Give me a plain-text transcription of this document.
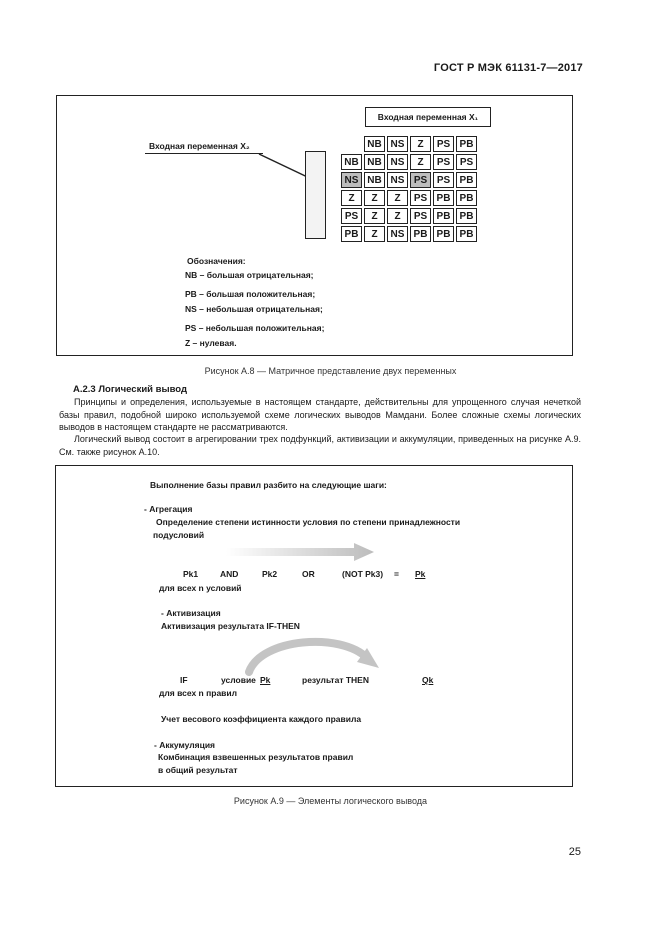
ГОСТ Р МЭК 61131-7—2017
Входная переменная X₁
Входная переменная X₂
		NB	NS	Z	PS	PB
NB	NB	NS	Z	PS	PS
NS	NB	NS	PS	PS	PB
Z	Z	Z	PS	PB	PB
PS	Z	Z	PS	PB	PB
PB	Z	NS	PB	PB	PB
Обозначения:
NB – большая отрицательная;
PB – большая положительная;
NS – небольшая отрицательная;
PS – небольшая положительная;
Z – нулевая.
Рисунок А.8 — Матричное представление двух переменных
А.2.3 Логический вывод

Принципы и определения, используемые в настоящем стандарте, действительны для упрощенного случая нечеткой базы правил, подобной широко используемой схеме логических выводов Мамдани. Более сложные схемы логических выводов в настоящем стандарте не рассматриваются.

Логический вывод состоит в агрегировании трех подфункций, активизации и аккумуляции, приведенных на рисунке А.9. См. также рисунок А.10.

Выполнение базы правил разбито на следующие шаги:
- Агрегация
Определение степени истинности условия по степени принадлежности
подусловий
Pk1	AND	Pk2	OR	(NOT Pk3) = Pk
для всех n условий
- Активизация
Активизация результата IF-THEN
IF	условие Pk	результат THEN	Qk
для всех n правил
Учет весового коэффициента каждого правила
- Аккумуляция
Комбинация взвешенных результатов правил
в общий результат
Рисунок А.9 — Элементы логического вывода
25
